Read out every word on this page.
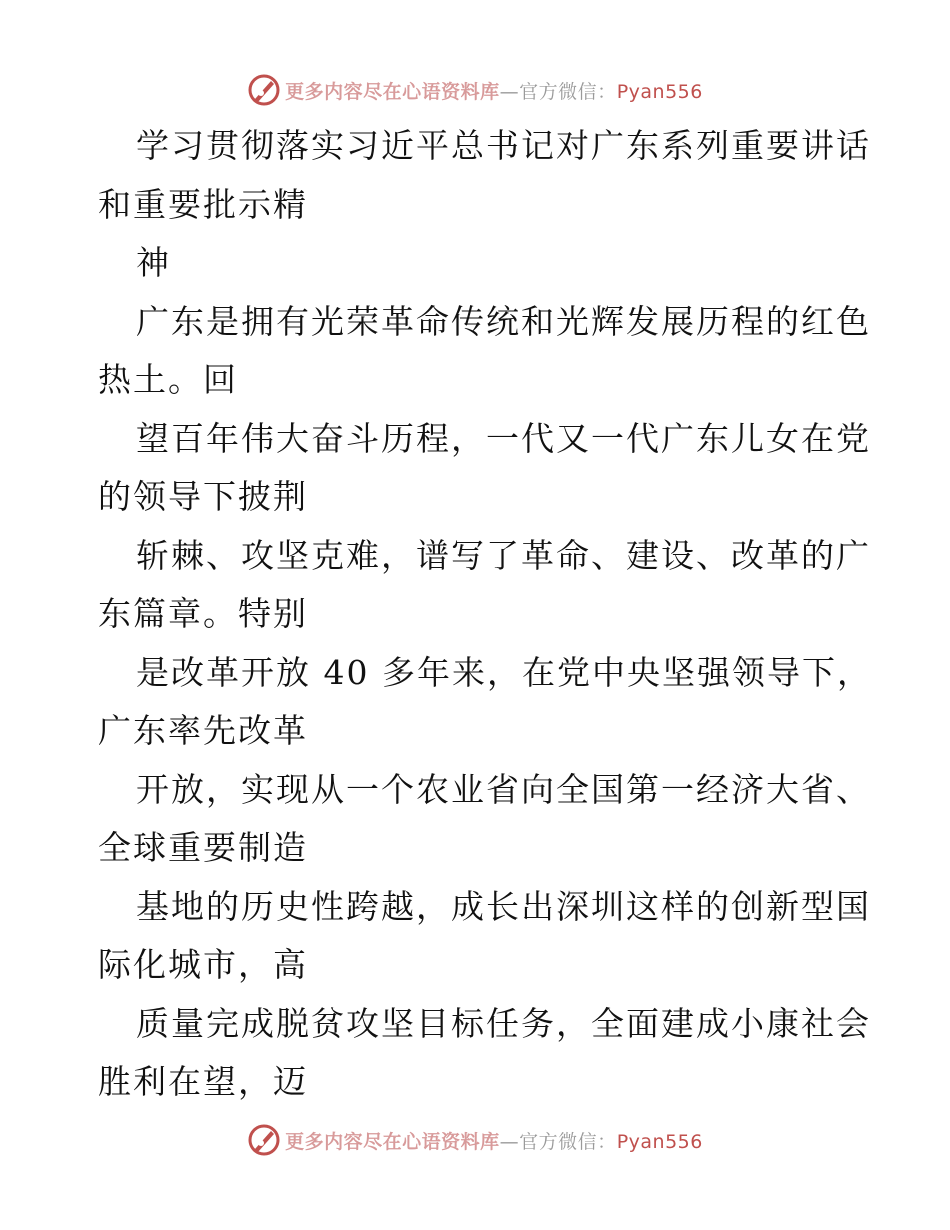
更多内容尽在心语资料库—官方微信：Pyan556
学习贯彻落实习近平总书记对广东系列重要讲话
和重要批示精
神
广东是拥有光荣革命传统和光辉发展历程的红色
热土。回
望百年伟大奋斗历程，一代又一代广东儿女在党
的领导下披荆
斩棘、攻坚克难，谱写了革命、建设、改革的广
东篇章。特别
是改革开放 40 多年来，在党中央坚强领导下，
广东率先改革
开放，实现从一个农业省向全国第一经济大省、
全球重要制造
基地的历史性跨越，成长出深圳这样的创新型国
际化城市，高
质量完成脱贫攻坚目标任务，全面建成小康社会
胜利在望，迈
更多内容尽在心语资料库—官方微信：Pyan556
